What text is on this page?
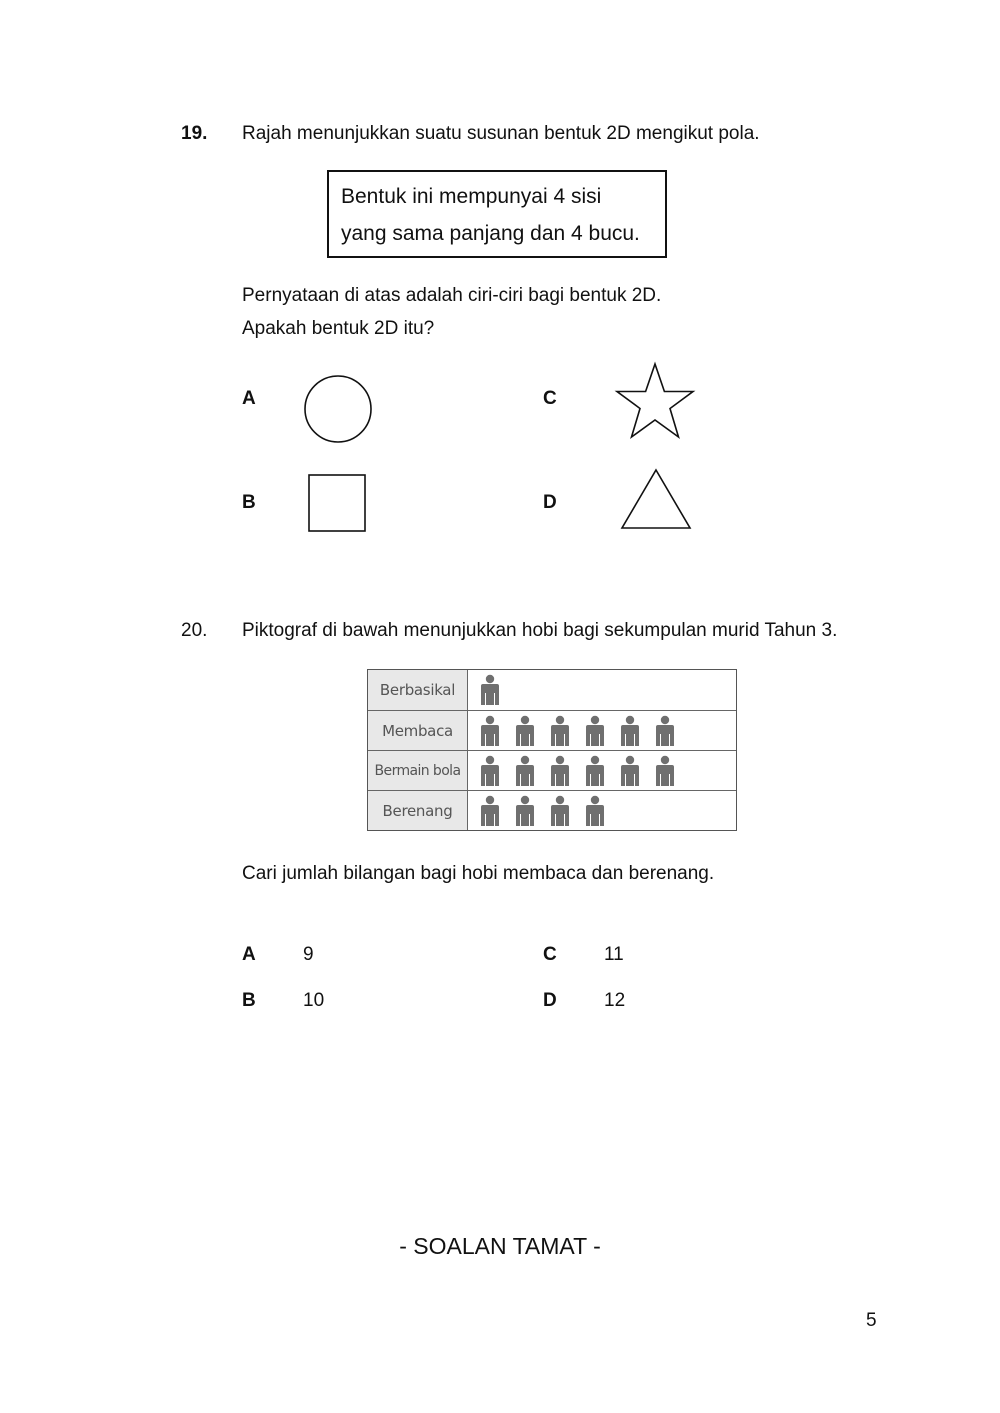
19. Rajah menunjukkan suatu susunan bentuk 2D mengikut pola.
Bentuk ini mempunyai 4 sisi
yang sama panjang dan 4 bucu.
Pernyataan di atas adalah ciri-ciri bagi bentuk 2D.
Apakah bentuk 2D itu?
A
B
C
D
20. Piktograf di bawah menunjukkan hobi bagi sekumpulan murid Tahun 3.
Berbasikal
Membaca
Bermain bola
Berenang
Cari jumlah bilangan bagi hobi membaca dan berenang.
A 9
B 10
C 11
D 12
- SOALAN TAMAT -
5
